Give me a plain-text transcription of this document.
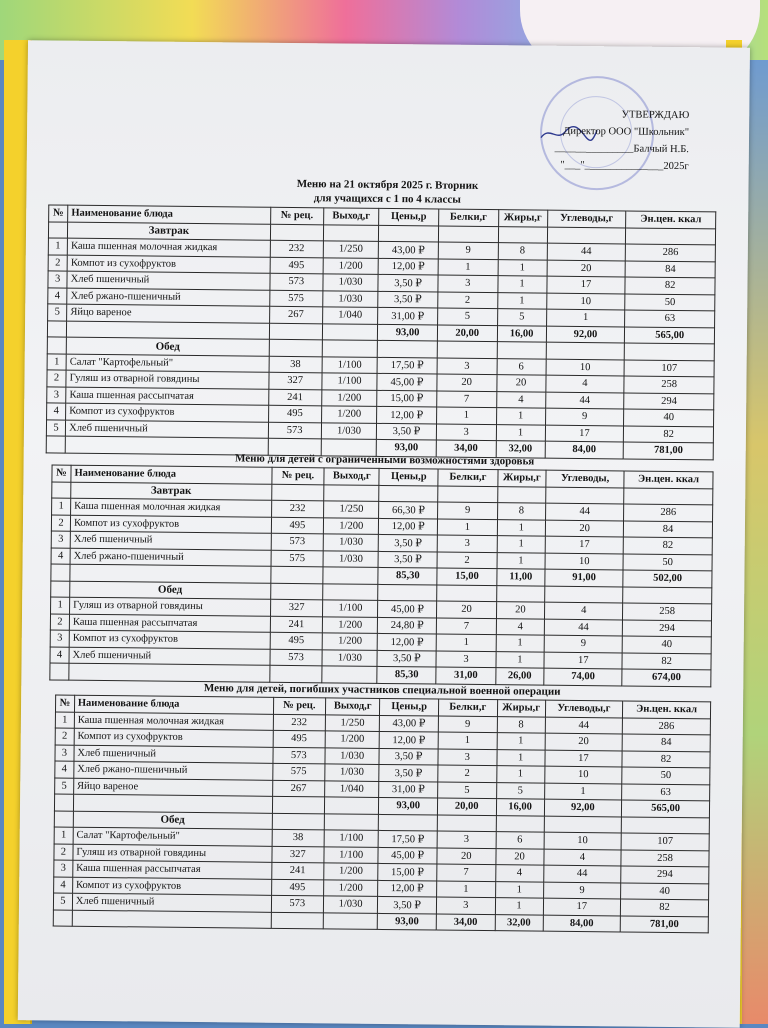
УТВЕРЖДАЮ
Директор ООО "Школьник"
_______________Балчый Н.Б.
"___"_______________2025г
Меню на 21 октября 2025 г. Вторник
для учащихся с 1 по 4 классы
№	Наименование блюда	№ рец.	Выход,г	Цены,р	Белки,г	Жиры,г	Углеводы,г	Эн.цен. ккал
	Завтрак							
1	Каша пшенная молочная жидкая	232	1/250	43,00 ₽	9	8	44	286
2	Компот из сухофруктов	495	1/200	12,00 ₽	1	1	20	84
3	Хлеб пшеничный	573	1/030	3,50 ₽	3	1	17	82
4	Хлеб ржано-пшеничный	575	1/030	3,50 ₽	2	1	10	50
5	Яйцо вареное	267	1/040	31,00 ₽	5	5	1	63
				93,00	20,00	16,00	92,00	565,00
	Обед							
1	Салат "Картофельный"	38	1/100	17,50 ₽	3	6	10	107
2	Гуляш из отварной говядины	327	1/100	45,00 ₽	20	20	4	258
3	Каша пшенная рассыпчатая	241	1/200	15,00 ₽	7	4	44	294
4	Компот из сухофруктов	495	1/200	12,00 ₽	1	1	9	40
5	Хлеб пшеничный	573	1/030	3,50 ₽	3	1	17	82
				93,00	34,00	32,00	84,00	781,00
Меню для детей с ограниченными возможностями здоровья
№	Наименование блюда	№ рец.	Выход,г	Цены,р	Белки,г	Жиры,г	Углеводы,	Эн.цен. ккал
	Завтрак							
1	Каша пшенная молочная жидкая	232	1/250	66,30 ₽	9	8	44	286
2	Компот из сухофруктов	495	1/200	12,00 ₽	1	1	20	84
3	Хлеб пшеничный	573	1/030	3,50 ₽	3	1	17	82
4	Хлеб ржано-пшеничный	575	1/030	3,50 ₽	2	1	10	50
				85,30	15,00	11,00	91,00	502,00
	Обед							
1	Гуляш из отварной говядины	327	1/100	45,00 ₽	20	20	4	258
2	Каша пшенная рассыпчатая	241	1/200	24,80 ₽	7	4	44	294
3	Компот из сухофруктов	495	1/200	12,00 ₽	1	1	9	40
4	Хлеб пшеничный	573	1/030	3,50 ₽	3	1	17	82
				85,30	31,00	26,00	74,00	674,00
Меню для детей, погибших участников специальной военной операции
№	Наименование блюда	№ рец.	Выход,г	Цены,р	Белки,г	Жиры,г	Углеводы,г	Эн.цен. ккал
1	Каша пшенная молочная жидкая	232	1/250	43,00 ₽	9	8	44	286
2	Компот из сухофруктов	495	1/200	12,00 ₽	1	1	20	84
3	Хлеб пшеничный	573	1/030	3,50 ₽	3	1	17	82
4	Хлеб ржано-пшеничный	575	1/030	3,50 ₽	2	1	10	50
5	Яйцо вареное	267	1/040	31,00 ₽	5	5	1	63
				93,00	20,00	16,00	92,00	565,00
	Обед							
1	Салат "Картофельный"	38	1/100	17,50 ₽	3	6	10	107
2	Гуляш из отварной говядины	327	1/100	45,00 ₽	20	20	4	258
3	Каша пшенная рассыпчатая	241	1/200	15,00 ₽	7	4	44	294
4	Компот из сухофруктов	495	1/200	12,00 ₽	1	1	9	40
5	Хлеб пшеничный	573	1/030	3,50 ₽	3	1	17	82
				93,00	34,00	32,00	84,00	781,00
